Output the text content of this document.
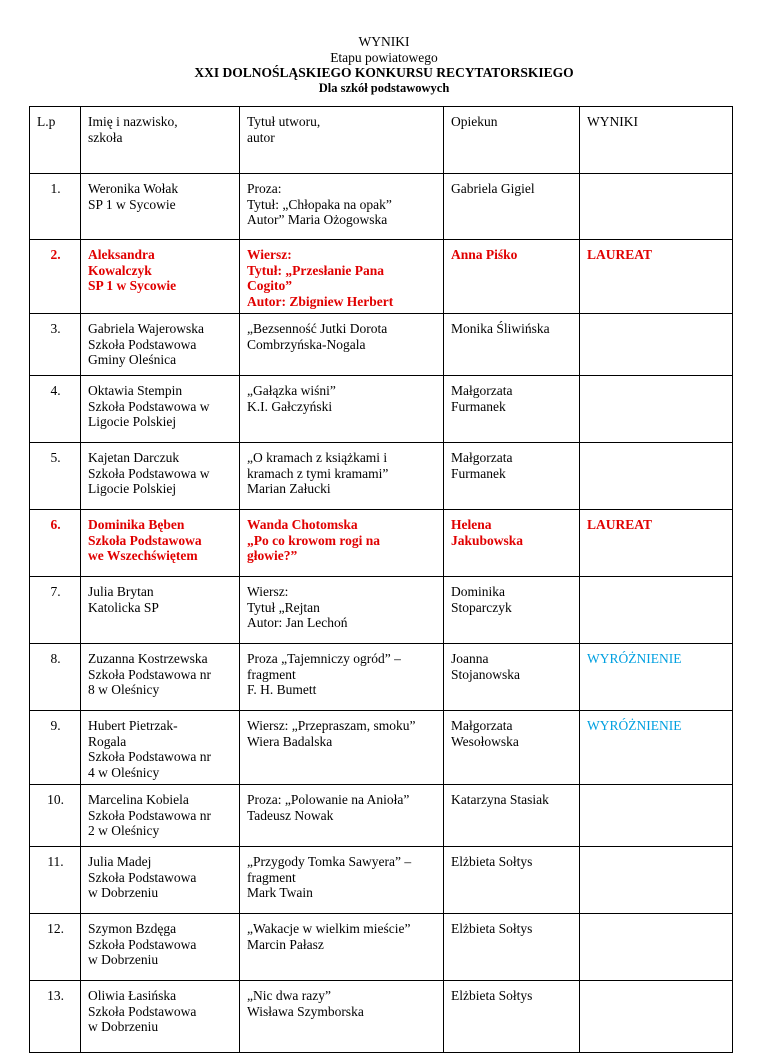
WYNIKI
Etapu powiatowego
XXI DOLNOŚLĄSKIEGO KONKURSU RECYTATORSKIEGO
Dla szkół podstawowych
L.p	Imię i nazwisko,
szkoła	Tytuł utworu,
autor	Opiekun	WYNIKI

1.	Weronika Wołak
SP 1 w Sycowie	Proza:
Tytuł: „Chłopaka na opak”
Autor” Maria Ożogowska	Gabriela Gigiel	

2.	Aleksandra
Kowalczyk
SP 1 w Sycowie	Wiersz:
Tytuł: „Przesłanie Pana
Cogito”
Autor: Zbigniew Herbert	Anna Piśko	LAUREAT
3.	Gabriela Wajerowska
Szkoła Podstawowa
Gminy Oleśnica	„Bezsenność Jutki Dorota
Combrzyńska-Nogala	Monika Śliwińska	

4.	Oktawia Stempin
Szkoła Podstawowa w
Ligocie Polskiej	„Gałązka wiśni”
K.I. Gałczyński	Małgorzata
Furmanek	

5.	Kajetan Darczuk
Szkoła Podstawowa w
Ligocie Polskiej	„O kramach z książkami i
kramach z tymi kramami”
Marian Załucki	Małgorzata
Furmanek	

6.	Dominika Bęben
Szkoła Podstawowa
we Wszechświętem	Wanda Chotomska
„Po co krowom rogi na
głowie?”	Helena
Jakubowska	LAUREAT
7.	Julia Brytan
Katolicka SP	Wiersz:
Tytuł „Rejtan
Autor: Jan Lechoń	Dominika
Stoparczyk	

8.	Zuzanna Kostrzewska
Szkoła Podstawowa nr
8 w Oleśnicy	Proza „Tajemniczy ogród” –
fragment
F. H. Bumett	Joanna
Stojanowska	WYRÓŻNIENIE
9.	Hubert Pietrzak-
Rogala
Szkoła Podstawowa nr
4 w Oleśnicy	Wiersz: „Przepraszam, smoku”
Wiera Badalska	Małgorzata
Wesołowska	WYRÓŻNIENIE
10.	Marcelina Kobiela
Szkoła Podstawowa nr
2 w Oleśnicy	Proza: „Polowanie na Anioła”
Tadeusz Nowak	Katarzyna Stasiak	

11.	Julia Madej
Szkoła Podstawowa
w Dobrzeniu	„Przygody Tomka Sawyera” –
fragment
Mark Twain	Elżbieta Sołtys	

12.	Szymon Bzdęga
Szkoła Podstawowa
w Dobrzeniu	„Wakacje w wielkim mieście”
Marcin Pałasz	Elżbieta Sołtys	

13.	Oliwia Łasińska
Szkoła Podstawowa
w Dobrzeniu	„Nic dwa razy”
Wisława Szymborska	Elżbieta Sołtys	
